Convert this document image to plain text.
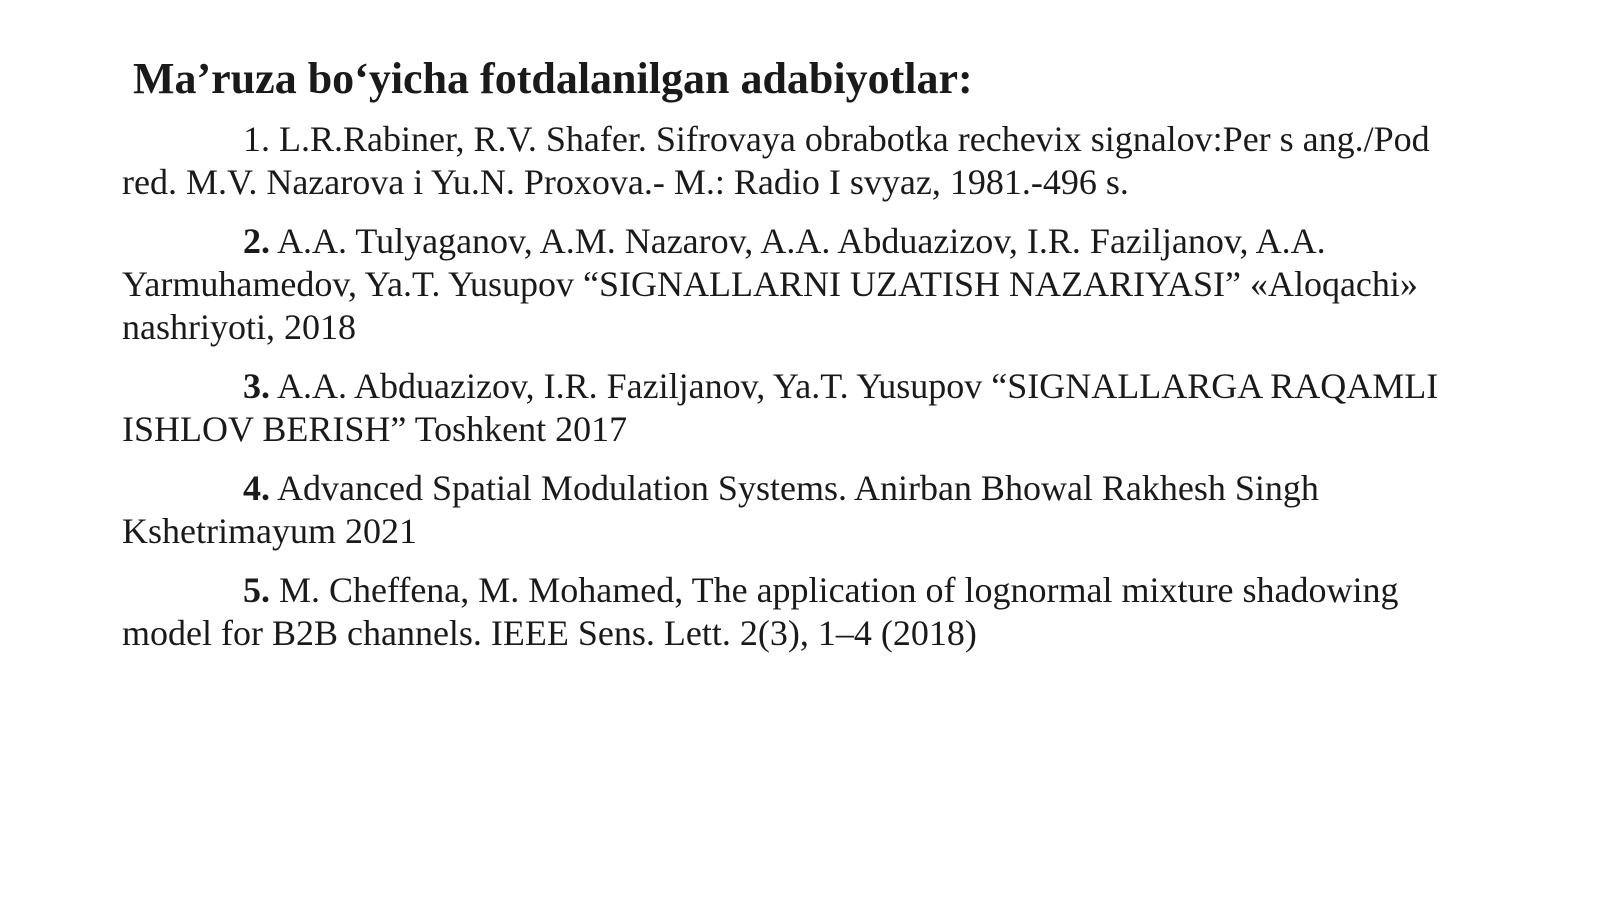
Ma’ruza bo‘yicha fotdalanilgan adabiyotlar:
1. L.R.Rabiner, R.V. Shafer. Sifrovaya obrabotka rechevix signalov:Per s ang./Pod red. M.V. Nazarova i Yu.N. Proxova.- M.: Radio I svyaz, 1981.-496 s.
2. A.A. Tulyaganov, A.M. Nazarov, A.A. Abduazizov, I.R. Faziljanov, A.A. Yarmuhamedov, Ya.T. Yusupov “SIGNALLARNI UZATISH NAZARIYASI” «Aloqachi» nashriyoti, 2018
3. A.A. Abduazizov, I.R. Faziljanov, Ya.T. Yusupov “SIGNALLARGA RAQAMLI ISHLOV BERISH” Toshkent 2017
4. Advanced Spatial Modulation Systems. Anirban Bhowal Rakhesh Singh Kshetrimayum 2021
5. M. Cheffena, M. Mohamed, The application of lognormal mixture shadowing model for B2B channels. IEEE Sens. Lett. 2(3), 1–4 (2018)
